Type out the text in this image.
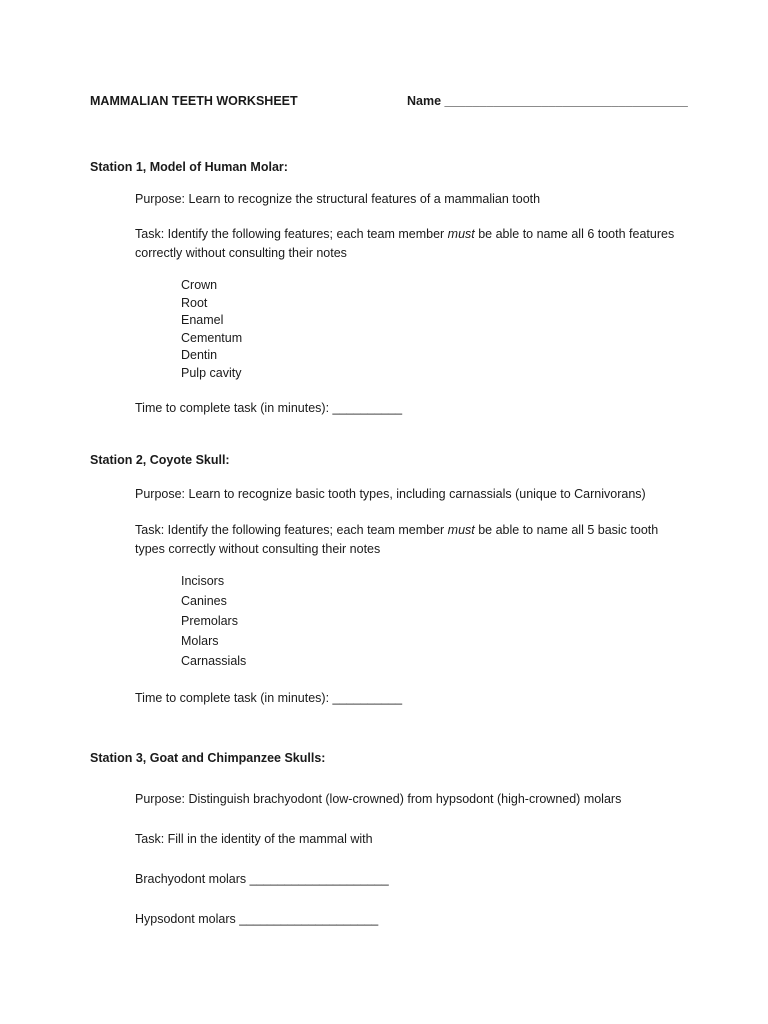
MAMMALIAN TEETH WORKSHEET	Name ___________________________________
Station 1, Model of Human Molar:
Purpose: Learn to recognize the structural features of a mammalian tooth
Task: Identify the following features; each team member must be able to name all 6 tooth features correctly without consulting their notes
Crown
Root
Enamel
Cementum
Dentin
Pulp cavity
Time to complete task (in minutes): __________
Station 2, Coyote Skull:
Purpose: Learn to recognize basic tooth types, including carnassials (unique to Carnivorans)
Task: Identify the following features; each team member must be able to name all 5 basic tooth types correctly without consulting their notes
Incisors
Canines
Premolars
Molars
Carnassials
Time to complete task (in minutes): __________
Station 3, Goat and Chimpanzee Skulls:
Purpose: Distinguish brachyodont (low-crowned) from hypsodont (high-crowned) molars
Task: Fill in the identity of the mammal with
Brachyodont molars ____________________
Hypsodont molars ____________________
